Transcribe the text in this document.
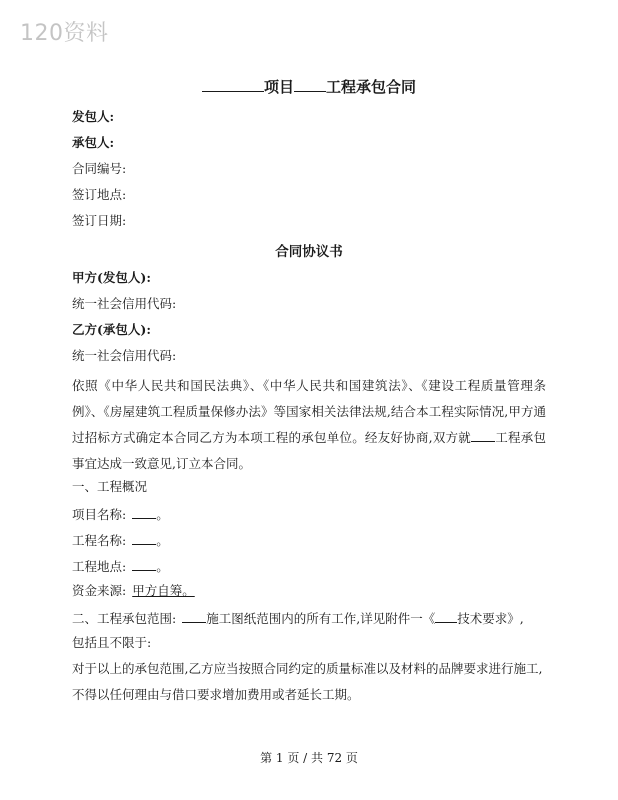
120资料
项目 工程承包合同
发包人:
承包人:
合同编号:
签订地点:
签订日期:
合同协议书
甲方(发包人):
统一社会信用代码:
乙方(承包人):
统一社会信用代码:
依照《中华人民共和国民法典》、《中华人民共和国建筑法》、《建设工程质量管理条例》、《房屋建筑工程质量保修办法》等国家相关法律法规,结合本工程实际情况,甲方通过招标方式确定本合同乙方为本项工程的承包单位。经友好协商,双方就 工程承包事宜达成一致意见,订立本合同。
一、工程概况
项目名称: 。
工程名称: 。
工程地点: 。
资金来源: 甲方自筹。
二、工程承包范围: 施工图纸范围内的所有工作,详见附件一《 技术要求》,
包括且不限于:
对于以上的承包范围,乙方应当按照合同约定的质量标准以及材料的品牌要求进行施工,
不得以任何理由与借口要求增加费用或者延长工期。
第 1 页 / 共 72 页
